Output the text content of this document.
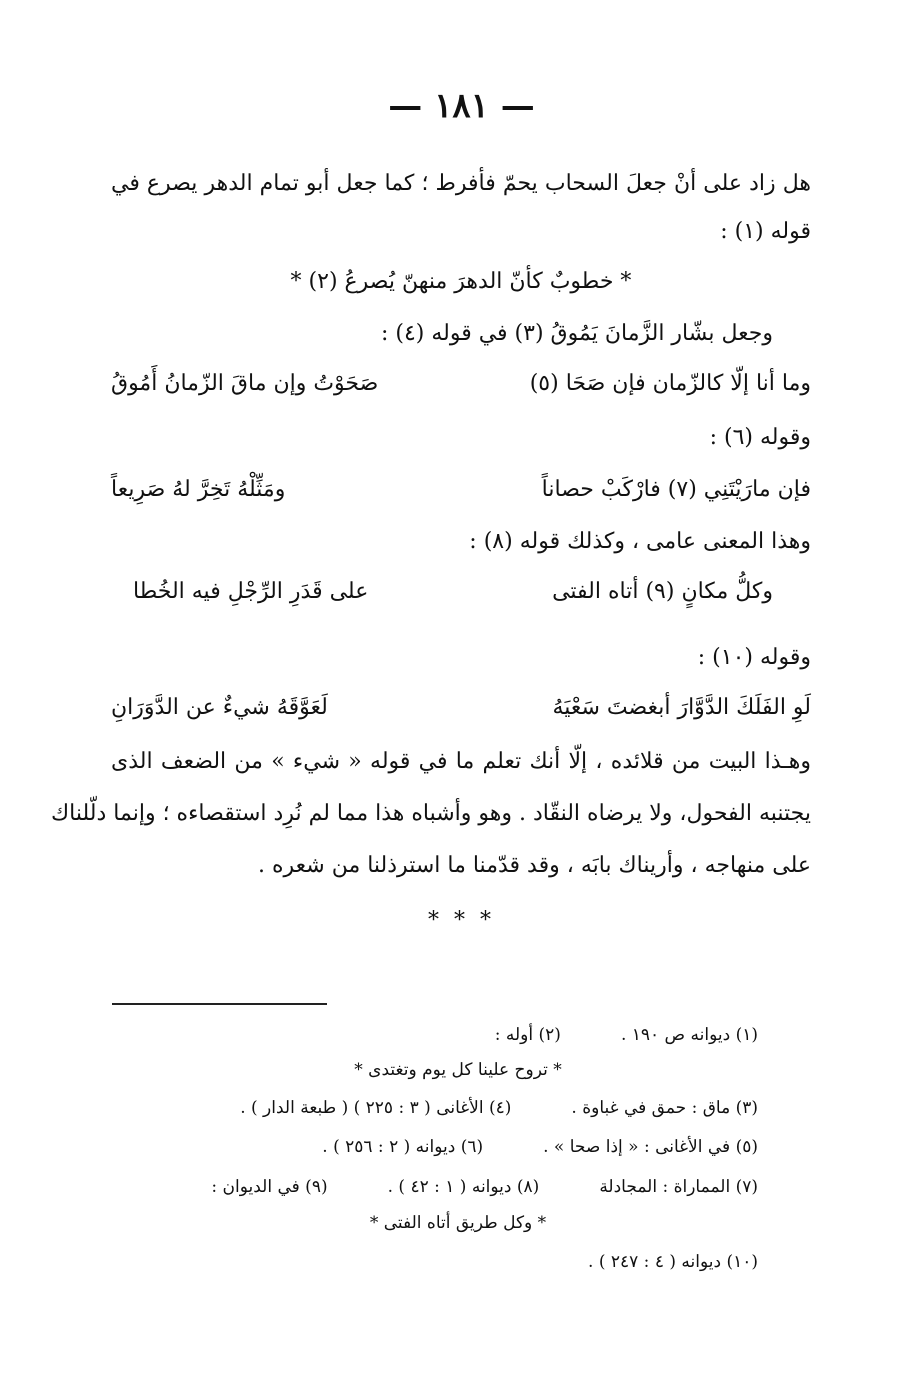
— ١٨١ —
هل زاد على أنْ جعلَ السحاب يحمّ فأفرط ؛ كما جعل أبو تمام الدهر يصرع في
قوله (١) :
* خطوبٌ كأنّ الدهرَ منهنّ يُصرعُ (٢) *
وجعل بشّار الزَّمانَ يَمُوقُ (٣) في قوله (٤) :
وما أنا إلّا كالزّمان فإن صَحَا (٥)
صَحَوْتُ وإن ماقَ الزّمانُ أَمُوقُ
وقوله (٦) :
فإن مارَيْتَنِي (٧) فارْكَبْ حصاناً
ومَثِّلْهُ تَخِرَّ لهُ صَرِيعاً
وهذا المعنى عامى ، وكذلك قوله (٨) :
وكلُّ مكانٍ (٩) أتاه الفتى
على قَدَرِ الرِّجْلِ فيه الخُطا
وقوله (١٠) :
لَوِ الفَلَكَ الدَّوَّارَ أبغضتَ سَعْيَهُ
لَعَوَّقَهُ شيءٌ عن الدَّوَرَانِ
وهـذا البيت من قلائده ، إلّا أنك تعلم ما في قوله « شيء » من الضعف الذى
يجتنبه الفحول، ولا يرضاه النقّاد . وهو وأشباه هذا مما لم نُرِد استقصاءه ؛ وإنما دلّلناك
على منهاجه ، وأريناك بابَه ، وقد قدّمنا ما استرذلنا من شعره .
* * *
(١) ديوانه ص ١٩٠ .(٢) أوله :
* تروح علينا كل يوم وتغتدى *
(٣) ماق : حمق في غباوة .(٤) الأغانى ( ٣ : ٢٢٥ ) ( طبعة الدار ) .
(٥) في الأغانى : « إذا صحا » .(٦) ديوانه ( ٢ : ٢٥٦ ) .
(٧) المماراة : المجادلة(٨) ديوانه ( ١ : ٤٢ ) .(٩) في الديوان :
* وكل طريق أتاه الفتى *
(١٠) ديوانه ( ٤ : ٢٤٧ ) .
